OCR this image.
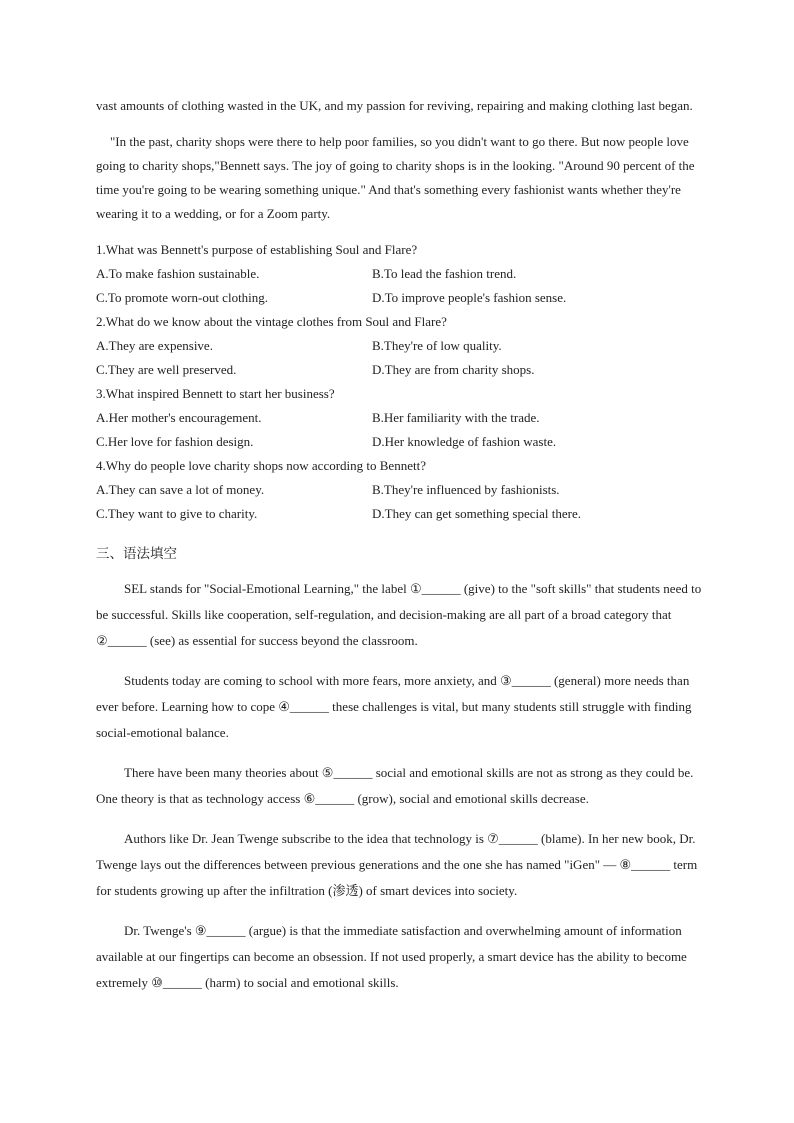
vast amounts of clothing wasted in the UK, and my passion for reviving, repairing and making clothing last began.

"In the past, charity shops were there to help poor families, so you didn't want to go there. But now people love going to charity shops,"Bennett says. The joy of going to charity shops is in the looking. "Around 90 percent of the time you're going to be wearing something unique." And that's something every fashionist wants whether they're wearing it to a wedding, or for a Zoom party.

1.What was Bennett's purpose of establishing Soul and Flare?

A.To make fashion sustainable.	B.To lead the fashion trend.
C.To promote worn-out clothing.	D.To improve people's fashion sense.

2.What do we know about the vintage clothes from Soul and Flare?

A.They are expensive.	B.They're of low quality.
C.They are well preserved.	D.They are from charity shops.

3.What inspired Bennett to start her business?

A.Her mother's encouragement.	B.Her familiarity with the trade.
C.Her love for fashion design.	D.Her knowledge of fashion waste.

4.Why do people love charity shops now according to Bennett?

A.They can save a lot of money.	B.They're influenced by fashionists.
C.They want to give to charity.	D.They can get something special there.

三、语法填空

SEL stands for "Social-Emotional Learning," the label ①______ (give) to the "soft skills" that students need to be successful. Skills like cooperation, self-regulation, and decision-making are all part of a broad category that ②______ (see) as essential for success beyond the classroom.

Students today are coming to school with more fears, more anxiety, and ③______ (general) more needs than ever before. Learning how to cope ④______ these challenges is vital, but many students still struggle with finding social-emotional balance.

There have been many theories about ⑤______ social and emotional skills are not as strong as they could be. One theory is that as technology access ⑥______ (grow), social and emotional skills decrease.

Authors like Dr. Jean Twenge subscribe to the idea that technology is ⑦______ (blame). In her new book, Dr. Twenge lays out the differences between previous generations and the one she has named "iGen" — ⑧______ term for students growing up after the infiltration (渗透) of smart devices into society.

Dr. Twenge's ⑨______ (argue) is that the immediate satisfaction and overwhelming amount of information available at our fingertips can become an obsession. If not used properly, a smart device has the ability to become extremely ⑩______ (harm) to social and emotional skills.
